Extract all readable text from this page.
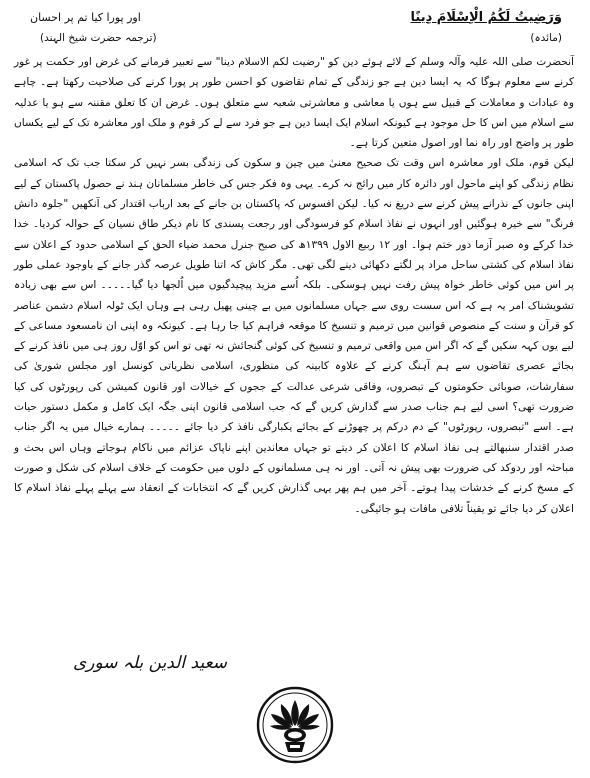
وَرَضِيتُ لَكُمُ الْاِسْلَامَ دِينًا
اور پورا کیا تم پر احسان
(مائدہ)
(ترجمہ حضرت شیخ الہند)

آنحضرت صلی اللہ علیہ وآلہ وسلم کے لائے ہوئے دین کو "رضیت لکم الاسلام دینا" سے تعبیر فرمانے کی غرض اور حکمت پر غور کرنے سے معلوم ہوگا کہ یہ ایسا دین ہے جو زندگی کے تمام تقاضوں کو احسن طور پر پورا کرنے کی صلاحیت رکھتا ہے۔ چاہے وہ عبادات و معاملات کے قبیل سے ہوں یا معاشی و معاشرتی شعبہ سے متعلق ہوں۔ غرض ان کا تعلق مقننہ سے ہو یا عدلیہ سے اسلام میں اس کا حل موجود ہے کیونکہ اسلام ایک ایسا دین ہے جو فرد سے لے کر قوم و ملک اور معاشرہ تک کے لیے یکساں طور پر واضح اور راہ نما اور اصول متعین کرتا ہے۔

لیکن قوم، ملک اور معاشرہ اس وقت تک صحیح معنیٰ میں چین و سکون کی زندگی بسر نہیں کر سکتا جب تک کہ اسلامی نظام زندگی کو اپنے ماحول اور دائرہ کار میں رائج نہ کرے۔ یہی وہ فکر جس کی خاطر مسلمانان ہند نے حصول پاکستان کے لیے اپنی جانوں کے نذرانے پیش کرنے سے دریغ نہ کیا۔ لیکن افسوس کہ پاکستان بن جانے کے بعد ارباب اقتدار کی آنکھیں "جلوہ دانش فرنگ" سے خیرہ ہوگئیں اور انہوں نے نفاذ اسلام کو فرسودگی اور رجعت پسندی کا نام دیکر طاق نسیان کے حوالہ کردیا۔ خدا خدا کرکے وہ صبر آزما دور ختم ہوا۔ اور ۱۲ ربیع الاول ۱۳۹۹ھ کی صبح جنرل محمد ضیاء الحق کے اسلامی حدود کے اعلان سے نفاذ اسلام کی کشتی ساحل مراد پر لگتے دکھائی دینے لگی تھی۔ مگر کاش کہ اتنا طویل عرصہ گذر جانے کے باوجود عملی طور پر اس میں کوئی خاطر خواہ پیش رفت نہیں ہوسکی۔ بلکہ اُسے مزید پیچیدگیوں میں اُلجھا دیا گیا۔۔۔۔۔ اس سے بھی زیادہ تشویشناک امر یہ ہے کہ اس سست روی سے جہاں مسلمانوں میں بے چینی پھیل رہی ہے وہاں ایک ٹولہ اسلام دشمن عناصر کو قرآن و سنت کے منصوص قوانین میں ترمیم و تنسیخ کا موقعہ فراہم کیا جا رہا ہے۔ کیونکہ وہ اپنی ان نامسعود مساعی کے لیے یوں کہہ سکیں گے کہ اگر اس میں واقعی ترمیم و تنسیخ کی کوئی گنجائش نہ تھی تو اس کو اوّل روز ہی میں نافذ کرنے کے بجائے عصری تقاضوں سے ہم آہنگ کرنے کے علاوہ کابینہ کی منظوری، اسلامی نظریاتی کونسل اور مجلس شوریٰ کی سفارشات، صوبائی حکومتوں کے تبصروں، وفاقی شرعی عدالت کے ججوں کے خیالات اور قانون کمیشن کی رپورٹوں کی کیا ضرورت تھی؟ اسی لیے ہم جناب صدر سے گذارش کریں گے کہ جب اسلامی قانون اپنی جگہ ایک کامل و مکمل دستور حیات ہے۔ اسے "تبصروں، رپورٹوں" کے دم درکم پر چھوڑنے کے بجائے یکبارگی نافذ کر دیا جائے ۔۔۔۔۔ ہمارے خیال میں یہ اگر جناب صدر اقتدار سنبھالتے ہی نفاذ اسلام کا اعلان کر دیتے تو جہاں معاندین اپنے ناپاک عزائم میں ناکام ہوجاتے وہاں اس بحث و مباحثہ اور ردوکد کی ضرورت بھی پیش نہ آتی۔ اور نہ ہی مسلمانوں کے دلوں میں حکومت کے خلاف اسلام کی شکل و صورت کے مسخ کرنے کے خدشات پیدا ہوتے۔ آخر میں ہم پھر یہی گذارش کریں گے کہ انتخابات کے انعقاد سے پہلے پہلے نفاذ اسلام کا اعلان کر دیا جائے تو یقیناً تلافی مافات ہو جائیگی۔

سعید الدین بلہ سوری
